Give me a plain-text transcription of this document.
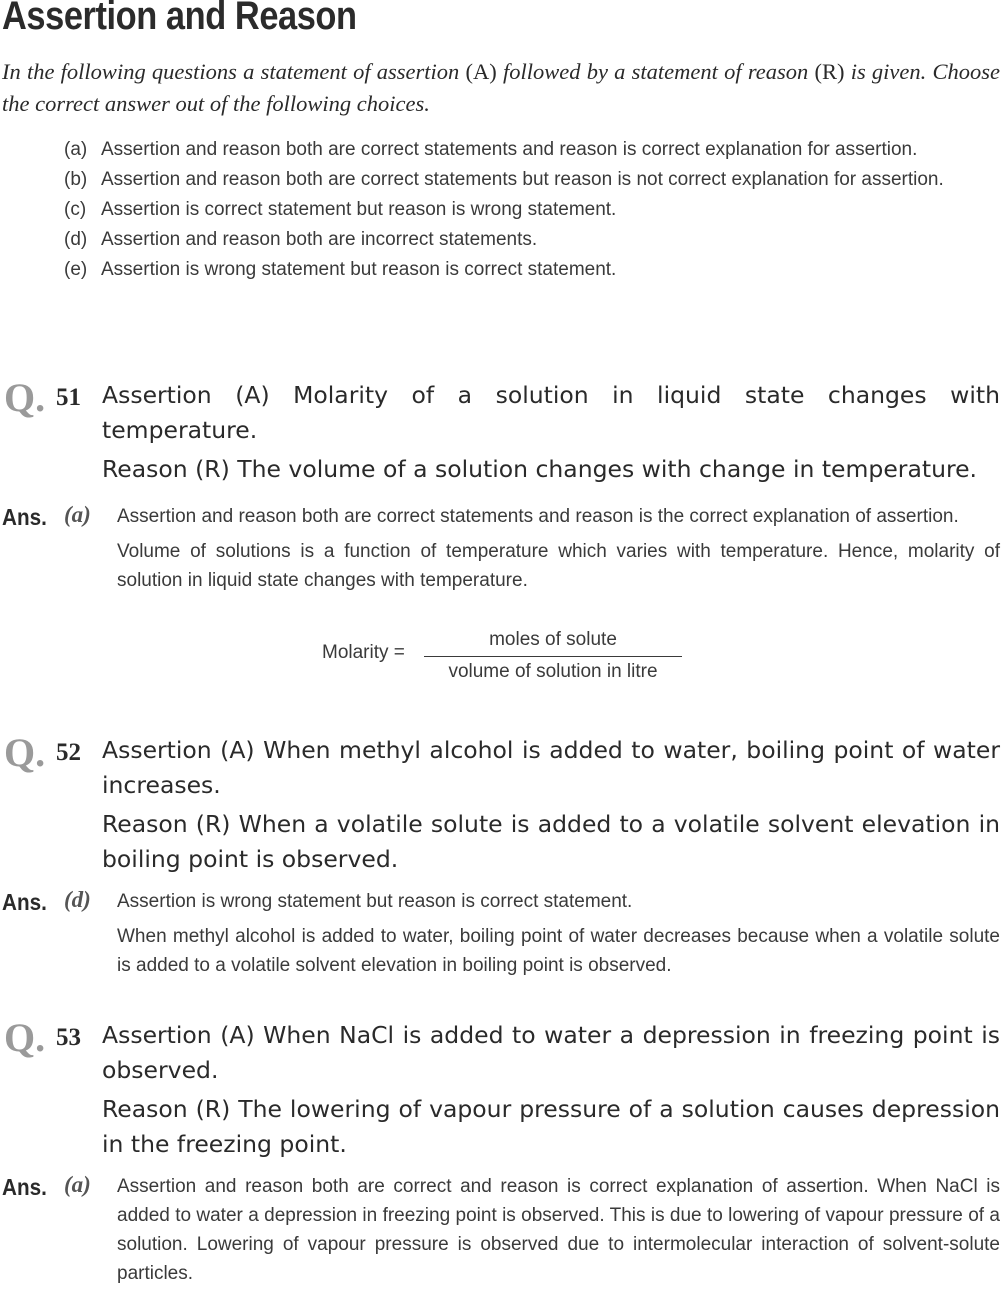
Assertion and Reason
In the following questions a statement of assertion (A) followed by a statement of reason (R) is given. Choose the correct answer out of the following choices.
(a) Assertion and reason both are correct statements and reason is correct explanation for assertion.
(b) Assertion and reason both are correct statements but reason is not correct explanation for assertion.
(c) Assertion is correct statement but reason is wrong statement.
(d) Assertion and reason both are incorrect statements.
(e) Assertion is wrong statement but reason is correct statement.
Q. 51 Assertion (A) Molarity of a solution in liquid state changes with temperature.

Reason (R) The volume of a solution changes with change in temperature.

Ans. (a) Assertion and reason both are correct statements and reason is the correct explanation of assertion.

Volume of solutions is a function of temperature which varies with temperature. Hence, molarity of solution in liquid state changes with temperature.

Molarity =
moles of solute
volume of solution in litre
Q. 52 Assertion (A) When methyl alcohol is added to water, boiling point of water increases.

Reason (R) When a volatile solute is added to a volatile solvent elevation in boiling point is observed.

Ans. (d) Assertion is wrong statement but reason is correct statement.

When methyl alcohol is added to water, boiling point of water decreases because when a volatile solute is added to a volatile solvent elevation in boiling point is observed.

Q. 53 Assertion (A) When NaCl is added to water a depression in freezing point is observed.

Reason (R) The lowering of vapour pressure of a solution causes depression in the freezing point.

Ans. (a) Assertion and reason both are correct and reason is correct explanation of assertion. When NaCl is added to water a depression in freezing point is observed. This is due to lowering of vapour pressure of a solution. Lowering of vapour pressure is observed due to intermolecular interaction of solvent-solute particles.
